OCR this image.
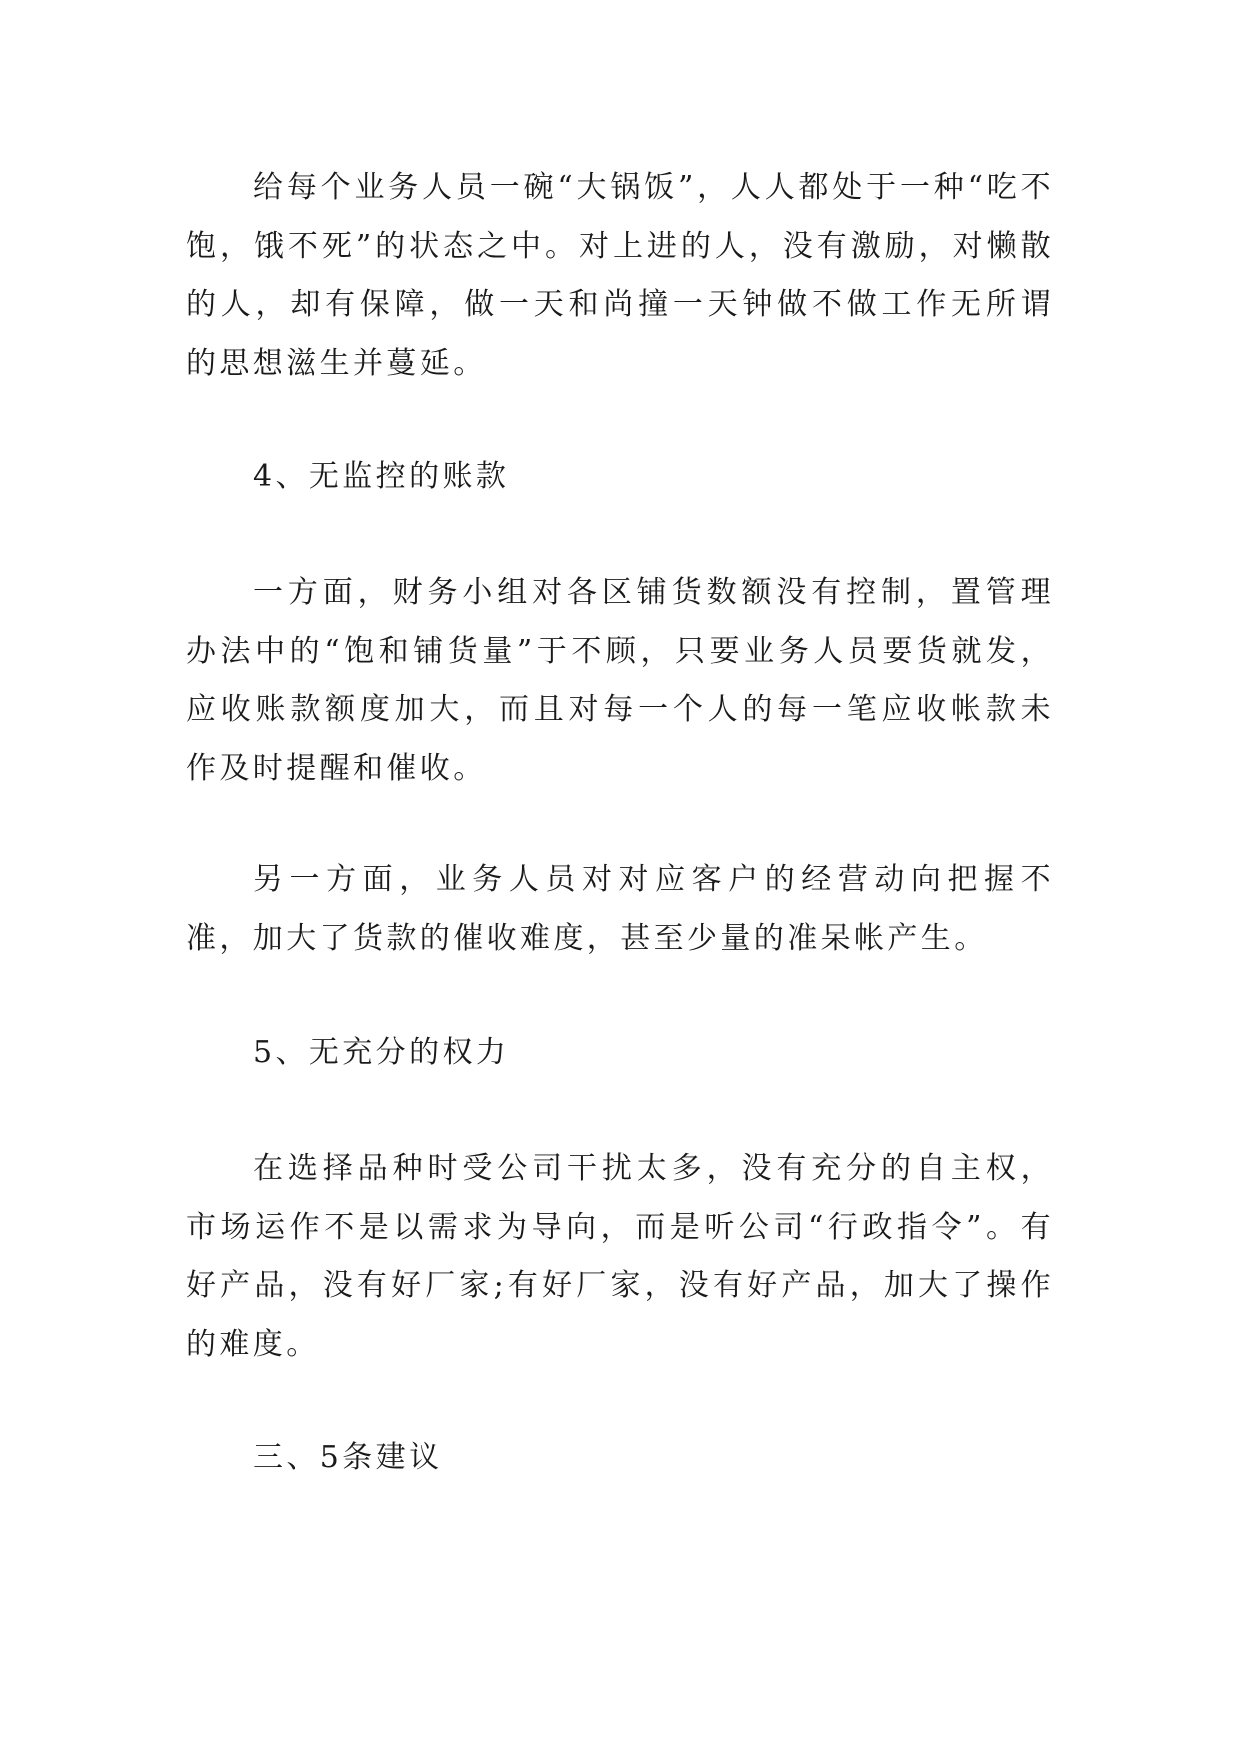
给每个业务人员一碗“大锅饭”，人人都处于一种“吃不饱，饿不死”的状态之中。对上进的人，没有激励，对懒散的人，却有保障，做一天和尚撞一天钟做不做工作无所谓的思想滋生并蔓延。

4、无监控的账款

一方面，财务小组对各区铺货数额没有控制，置管理办法中的“饱和铺货量”于不顾，只要业务人员要货就发，应收账款额度加大，而且对每一个人的每一笔应收帐款未作及时提醒和催收。

另一方面，业务人员对对应客户的经营动向把握不准，加大了货款的催收难度，甚至少量的准呆帐产生。

5、无充分的权力

在选择品种时受公司干扰太多，没有充分的自主权，市场运作不是以需求为导向，而是听公司“行政指令”。有好产品，没有好厂家;有好厂家，没有好产品，加大了操作的难度。

三、5条建议
